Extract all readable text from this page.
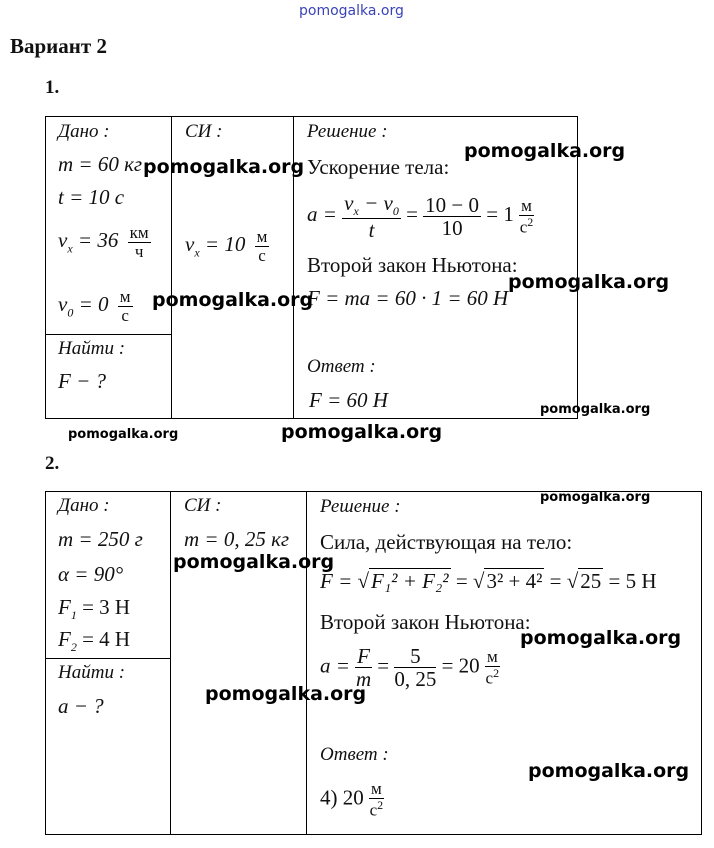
pomogalka.org
Вариант 2
1.
Дано :
m = 60 кг
t = 10 c
$v_x = 36 \frac{км}{ч}$
$v_0 = 0 \frac{м}{с}$
Найти :
F − ?
СИ :
$v_x = 10 \frac{м}{с}$
Решение :
Ускорение тела:
$a = \frac{v_x - v_0}{t} = \frac{10 - 0}{10} = 1 \frac{м}{с^2}$
Второй закон Ньютона:
F = ma = 60 · 1 = 60 H
Ответ :
F = 60 H
pomogalka.org
pomogalka.org
pomogalka.org
pomogalka.org
pomogalka.org
pomogalka.org	pomogalka.org
2.
Дано :
m = 250 г
α = 90°
$F_1 = 3$ H
$F_2 = 4$ H
Найти :
a − ?
СИ :
m = 0, 25 кг
Решение :
Сила, действующая на тело:
F = √F₁² + F₂² = √3² + 4² = √25 = 5 H
Второй закон Ньютона:
$a = \frac{F}{m} = \frac{5}{0, 25} = 20 \frac{м}{с^2}$
Ответ :
4) $20 \frac{м}{с^2}$
pomogalka.org
pomogalka.org
pomogalka.org
pomogalka.org
pomogalka.org
